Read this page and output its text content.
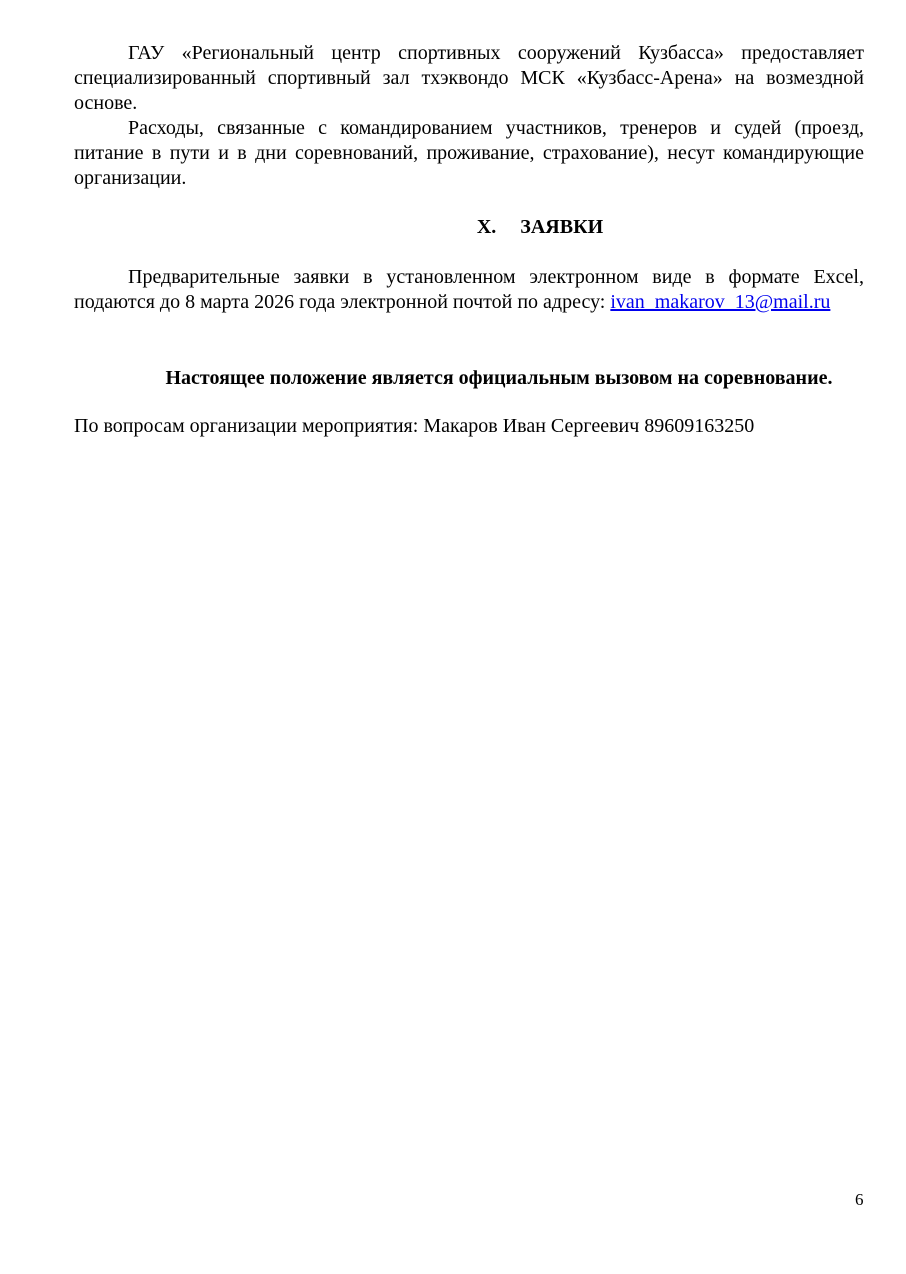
ГАУ «Региональный центр спортивных сооружений Кузбасса» предоставляет специализированный спортивный зал тхэквондо МСК «Кузбасс-Арена» на возмездной основе.

Расходы, связанные с командированием участников, тренеров и судей (проезд, питание в пути и в дни соревнований, проживание, страхование), несут командирующие организации.

X. ЗАЯВКИ

Предварительные заявки в установленном электронном виде в формате Excel, подаются до 8 марта 2026 года электронной почтой по адресу: ivan_makarov_13@mail.ru

Настоящее положение является официальным вызовом на соревнование.

По вопросам организации мероприятия: Макаров Иван Сергеевич 89609163250

6
